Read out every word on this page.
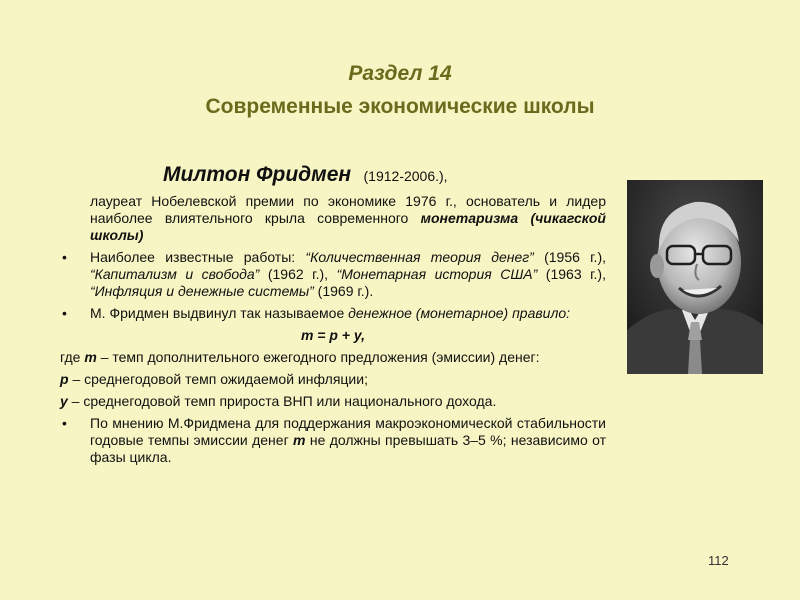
Раздел 14
Современные экономические школы
Милтон Фридмен (1912-2006.),
лауреат Нобелевской премии по экономике 1976 г., основатель и лидер наиболее влиятельного крыла современного монетаризма (чикагской школы)
• Наиболее известные работы: “Количественная теория денег” (1956 г.), “Капитализм и свобода” (1962 г.), “Монетарная история США” (1963 г.), “Инфляция и денежные системы” (1969 г.).
• М. Фридмен выдвинул так называемое денежное (монетарное) правило:
m = p + y,
где m – темп дополнительного ежегодного предложения (эмиссии) денег:
p – среднегодовой темп ожидаемой инфляции;
у – среднегодовой темп прироста ВНП или национального дохода.
• По мнению М.Фридмена для поддержания макроэкономической стабильности годовые темпы эмиссии денег m не должны превышать 3–5 %; независимо от фазы цикла.
112
